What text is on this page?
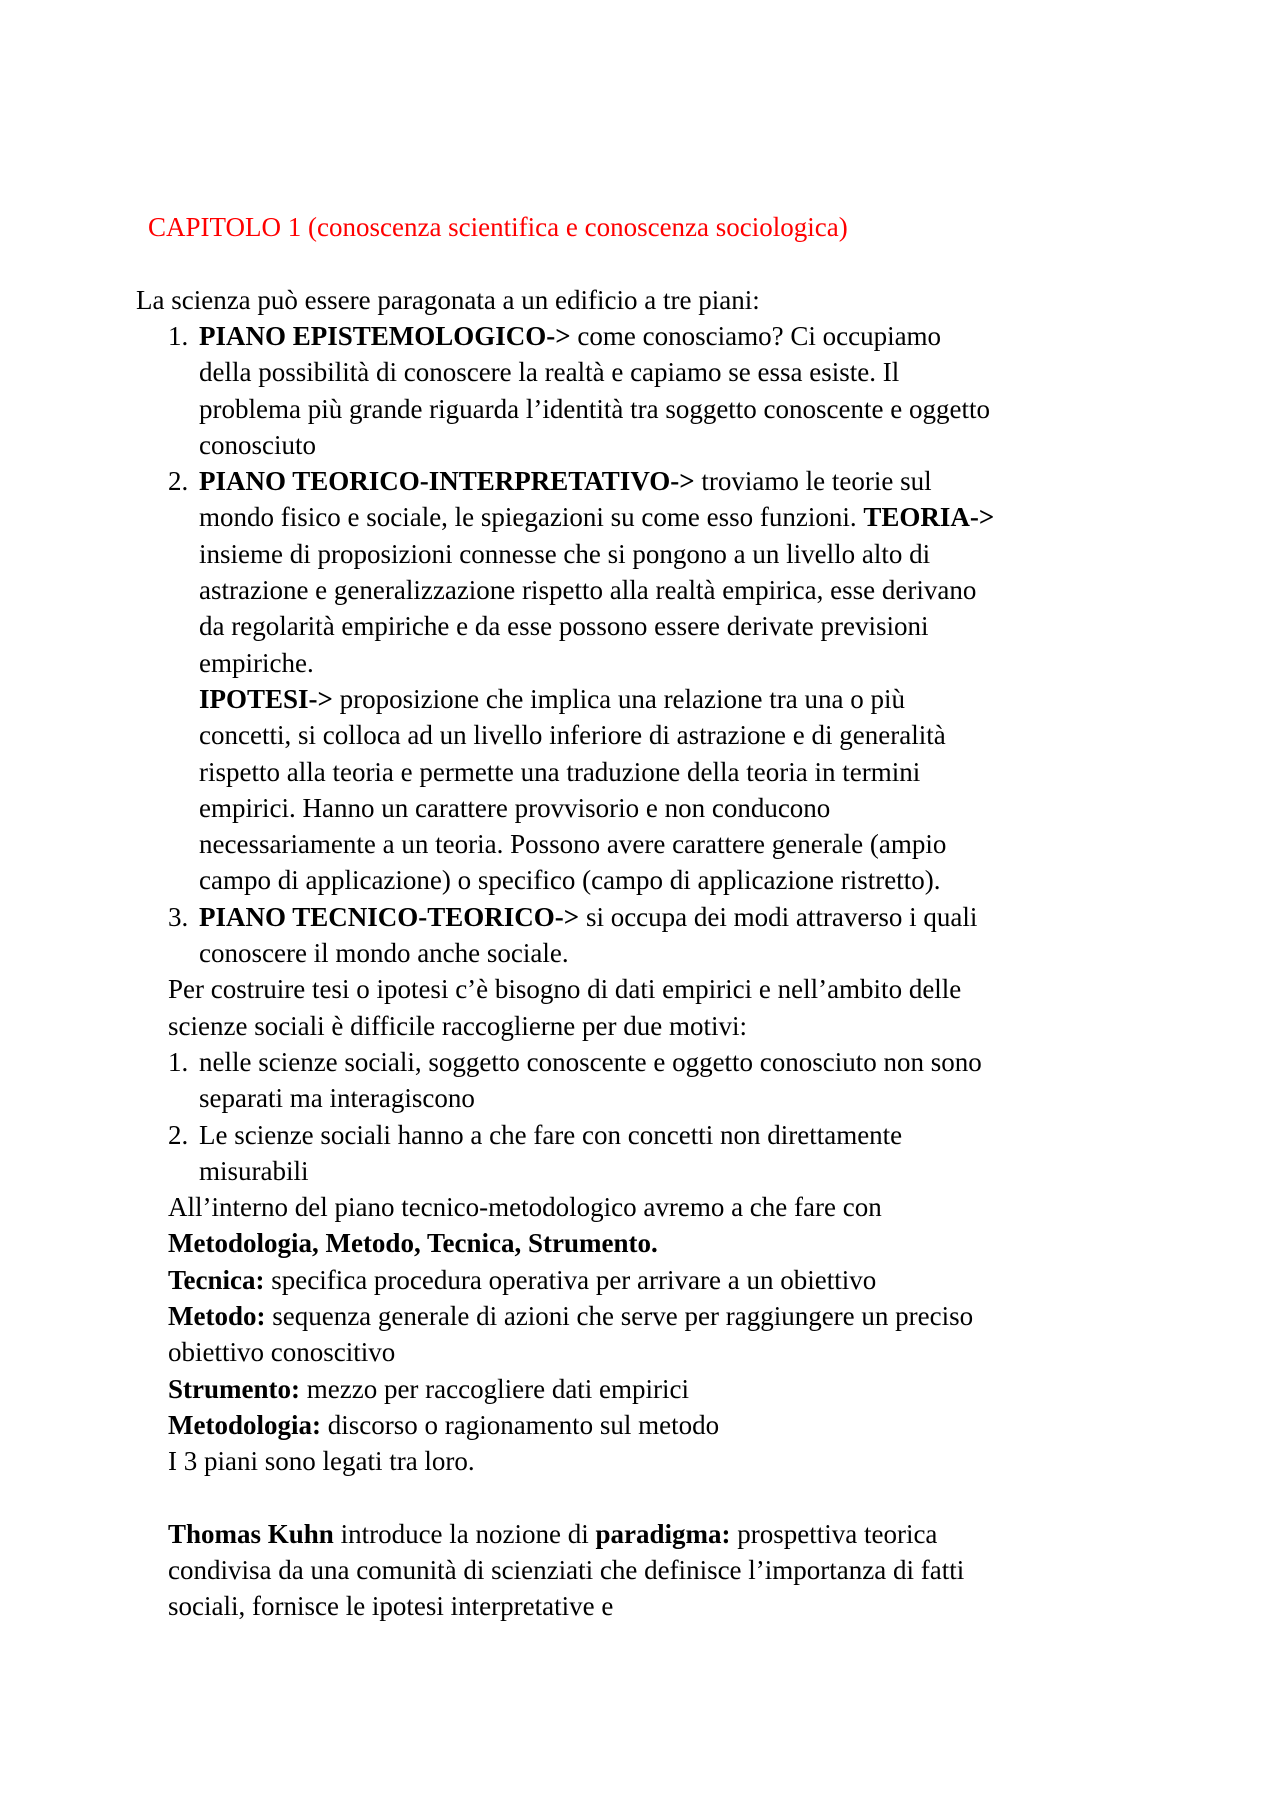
CAPITOLO 1 (conoscenza scientifica e conoscenza sociologica)

La scienza può essere paragonata a un edificio a tre piani:

1. PIANO EPISTEMOLOGICO-> come conosciamo? Ci occupiamo della possibilità di conoscere la realtà e capiamo se essa esiste. Il problema più grande riguarda l’identità tra soggetto conoscente e oggetto conosciuto
2. PIANO TEORICO-INTERPRETATIVO-> troviamo le teorie sul mondo fisico e sociale, le spiegazioni su come esso funzioni. TEORIA-> insieme di proposizioni connesse che si pongono a un livello alto di astrazione e generalizzazione rispetto alla realtà empirica, esse derivano da regolarità empiriche e da esse possono essere derivate previsioni empiriche.
IPOTESI-> proposizione che implica una relazione tra una o più concetti, si colloca ad un livello inferiore di astrazione e di generalità rispetto alla teoria e permette una traduzione della teoria in termini empirici. Hanno un carattere provvisorio e non conducono necessariamente a un teoria. Possono avere carattere generale (ampio campo di applicazione) o specifico (campo di applicazione ristretto).
3. PIANO TECNICO-TEORICO-> si occupa dei modi attraverso i quali conoscere il mondo anche sociale.

Per costruire tesi o ipotesi c’è bisogno di dati empirici e nell’ambito delle scienze sociali è difficile raccoglierne per due motivi:

1. nelle scienze sociali, soggetto conoscente e oggetto conosciuto non sono separati ma interagiscono
2. Le scienze sociali hanno a che fare con concetti non direttamente misurabili

All’interno del piano tecnico-metodologico avremo a che fare con Metodologia, Metodo, Tecnica, Strumento.

Tecnica: specifica procedura operativa per arrivare a un obiettivo

Metodo: sequenza generale di azioni che serve per raggiungere un preciso obiettivo conoscitivo

Strumento: mezzo per raccogliere dati empirici

Metodologia: discorso o ragionamento sul metodo

I 3 piani sono legati tra loro.

Thomas Kuhn introduce la nozione di paradigma: prospettiva teorica condivisa da una comunità di scienziati che definisce l’importanza di fatti sociali, fornisce le ipotesi interpretative e
